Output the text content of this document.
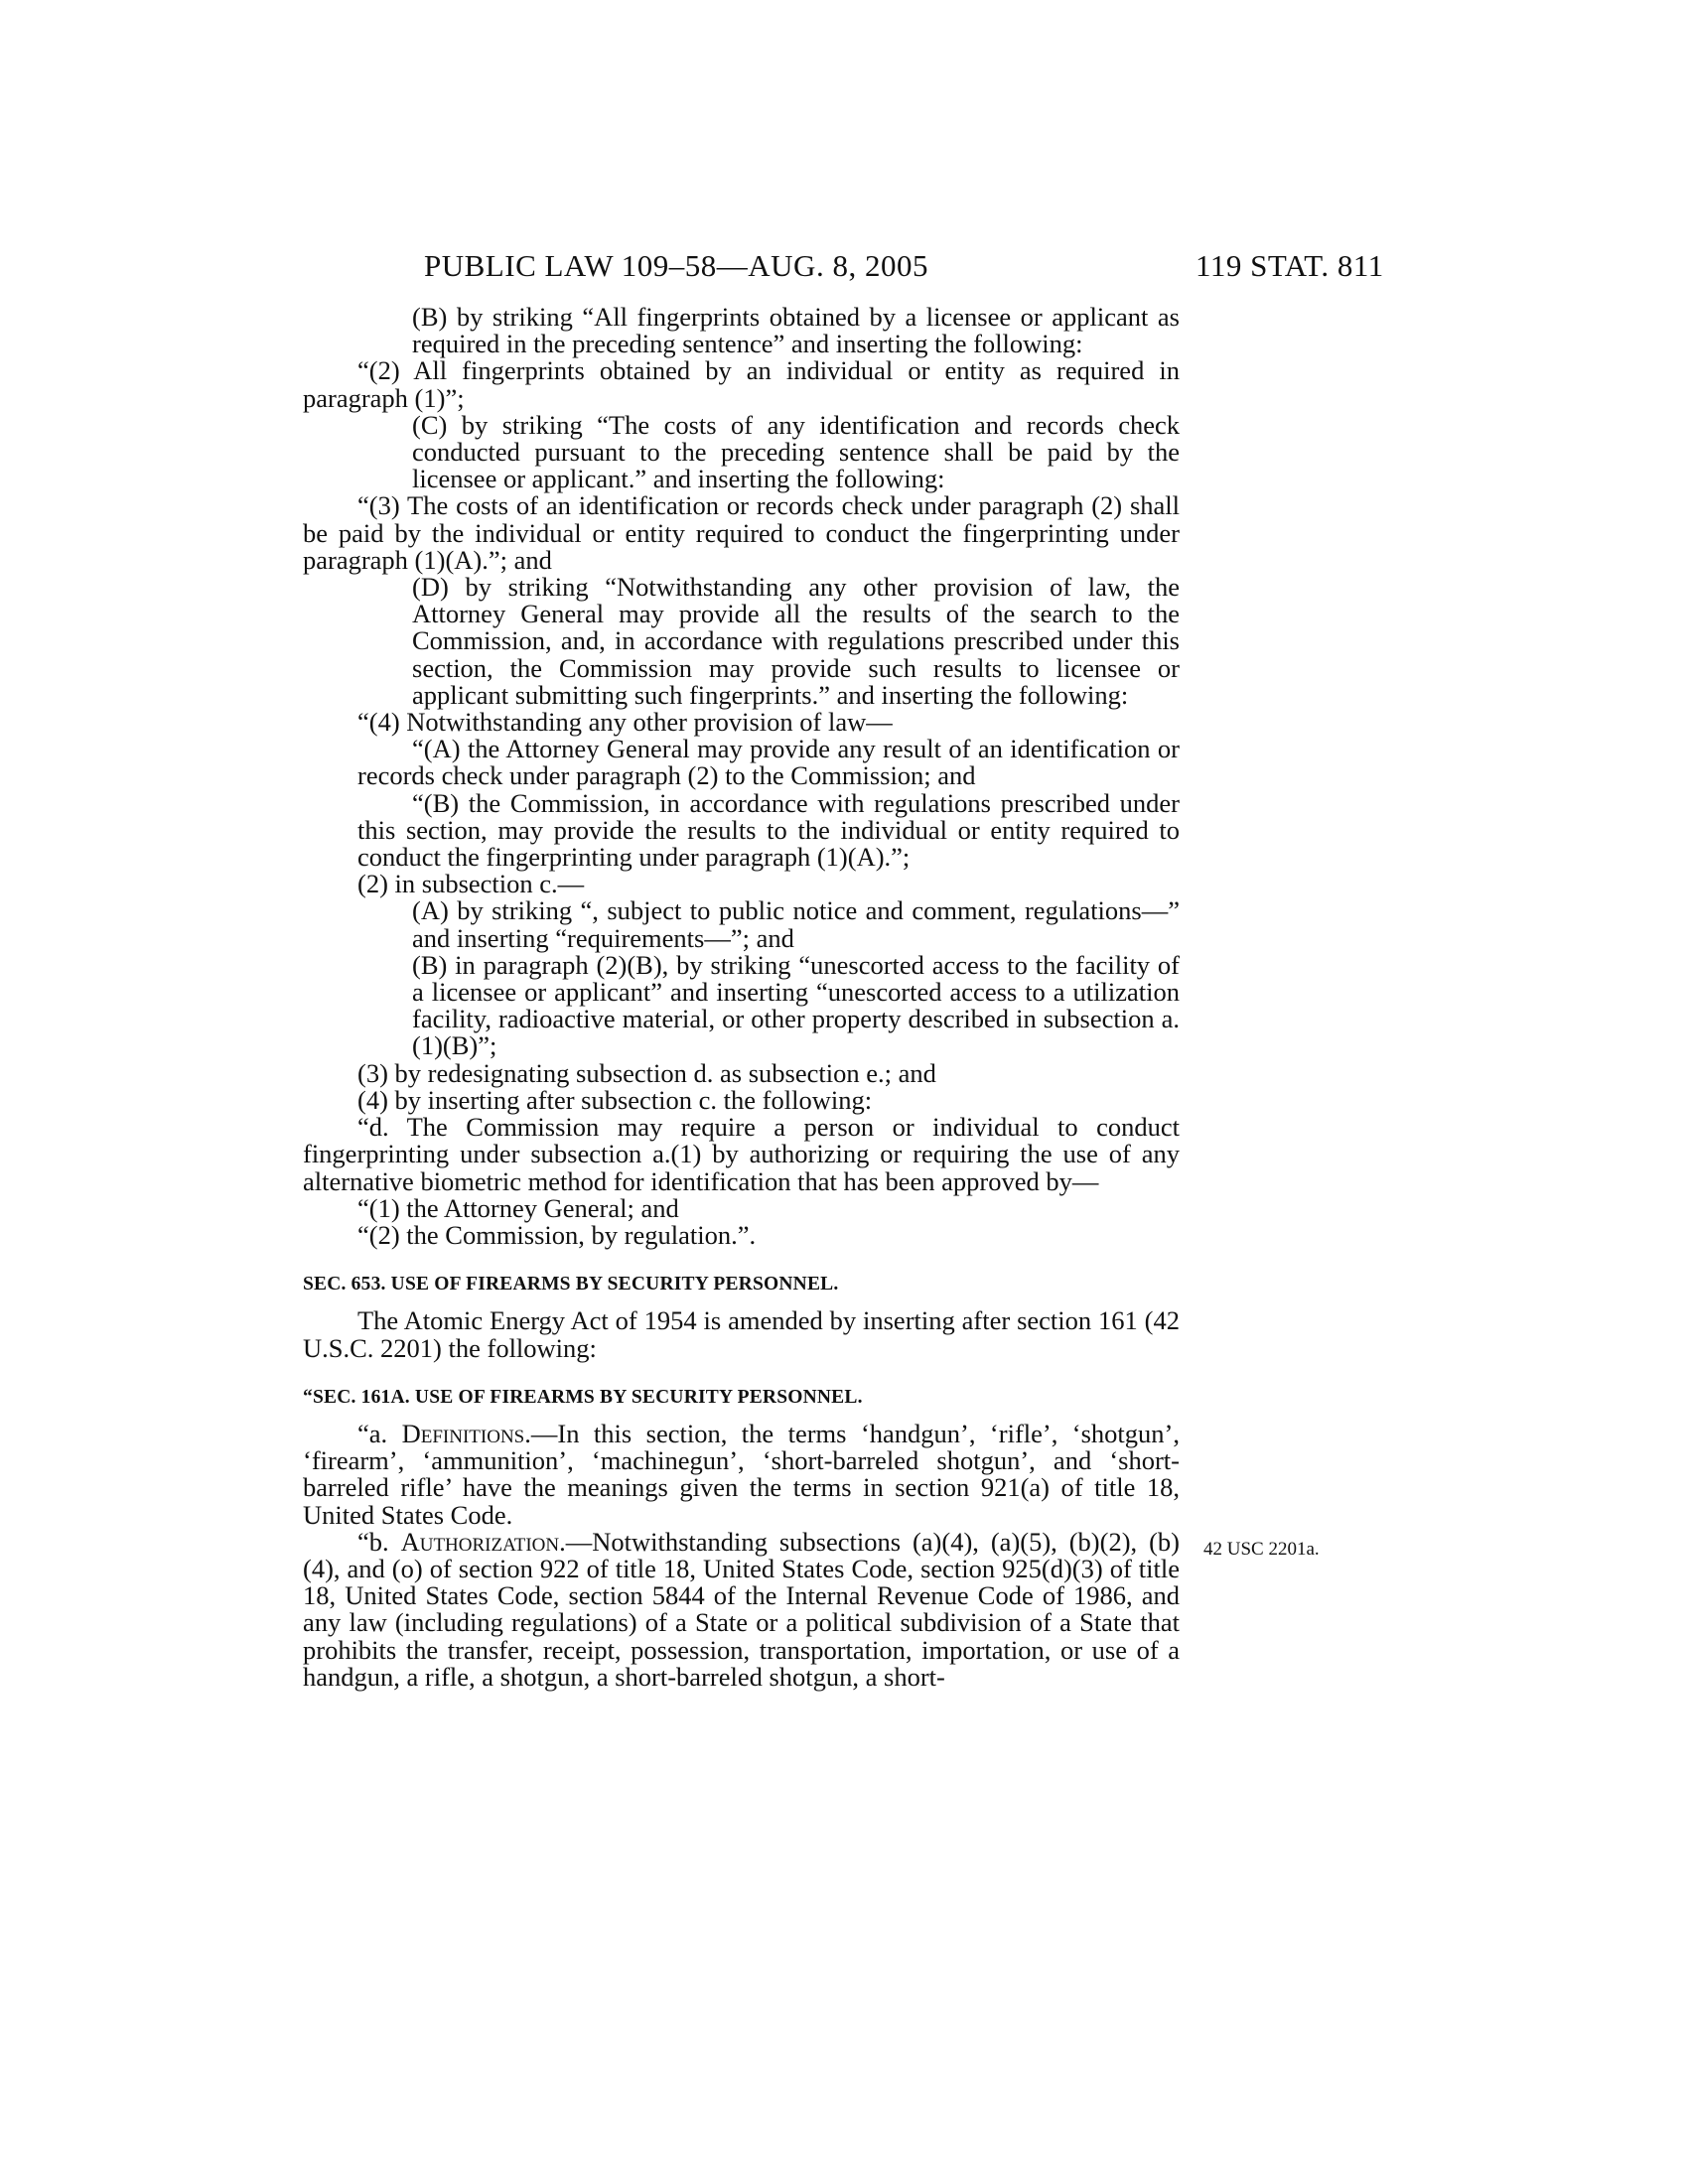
PUBLIC LAW 109–58—AUG. 8, 2005	119 STAT. 811

(B) by striking “All fingerprints obtained by a licensee or applicant as required in the preceding sentence” and inserting the following:

“(2) All fingerprints obtained by an individual or entity as required in paragraph (1)”;

(C) by striking “The costs of any identification and records check conducted pursuant to the preceding sentence shall be paid by the licensee or applicant.” and inserting the following:

“(3) The costs of an identification or records check under paragraph (2) shall be paid by the individual or entity required to conduct the fingerprinting under paragraph (1)(A).”; and

(D) by striking “Notwithstanding any other provision of law, the Attorney General may provide all the results of the search to the Commission, and, in accordance with regulations prescribed under this section, the Commission may provide such results to licensee or applicant submitting such fingerprints.” and inserting the following:

“(4) Notwithstanding any other provision of law—

“(A) the Attorney General may provide any result of an identification or records check under paragraph (2) to the Commission; and

“(B) the Commission, in accordance with regulations prescribed under this section, may provide the results to the individual or entity required to conduct the fingerprinting under paragraph (1)(A).”;

(2) in subsection c.—

(A) by striking “, subject to public notice and comment, regulations—” and inserting “requirements—”; and

(B) in paragraph (2)(B), by striking “unescorted access to the facility of a licensee or applicant” and inserting “unescorted access to a utilization facility, radioactive material, or other property described in subsection a.(1)(B)”;

(3) by redesignating subsection d. as subsection e.; and

(4) by inserting after subsection c. the following:

“d. The Commission may require a person or individual to conduct fingerprinting under subsection a.(1) by authorizing or requiring the use of any alternative biometric method for identification that has been approved by—

“(1) the Attorney General; and

“(2) the Commission, by regulation.”.

SEC. 653. USE OF FIREARMS BY SECURITY PERSONNEL.

The Atomic Energy Act of 1954 is amended by inserting after section 161 (42 U.S.C. 2201) the following:

“SEC. 161A. USE OF FIREARMS BY SECURITY PERSONNEL.

“a. Definitions.—In this section, the terms ‘handgun’, ‘rifle’, ‘shotgun’, ‘firearm’, ‘ammunition’, ‘machinegun’, ‘short-barreled shotgun’, and ‘short-barreled rifle’ have the meanings given the terms in section 921(a) of title 18, United States Code.

“b. Authorization.—Notwithstanding subsections (a)(4), (a)(5), (b)(2), (b)(4), and (o) of section 922 of title 18, United States Code, section 925(d)(3) of title 18, United States Code, section 5844 of the Internal Revenue Code of 1986, and any law (including regulations) of a State or a political subdivision of a State that prohibits the transfer, receipt, possession, transportation, importation, or use of a handgun, a rifle, a shotgun, a short-barreled shotgun, a short-

42 USC 2201a.
